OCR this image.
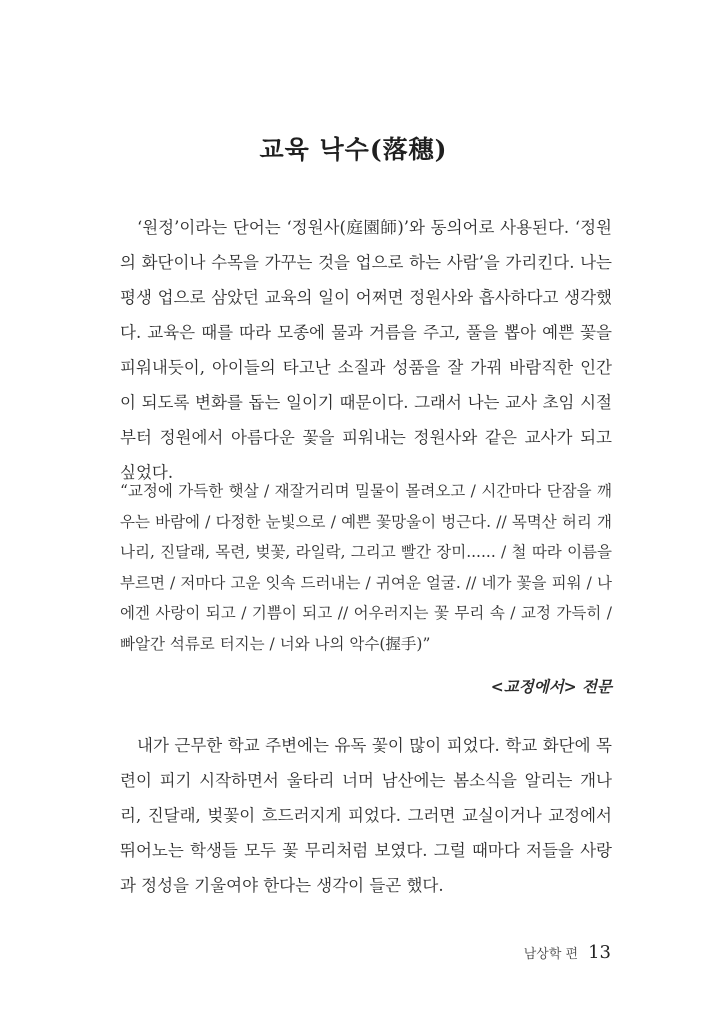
교육 낙수(落穗)

‘원정’이라는 단어는 ‘정원사(庭園師)’와 동의어로 사용된다. ‘정원의 화단이나 수목을 가꾸는 것을 업으로 하는 사람’을 가리킨다. 나는 평생 업으로 삼았던 교육의 일이 어쩌면 정원사와 흡사하다고 생각했다. 교육은 때를 따라 모종에 물과 거름을 주고, 풀을 뽑아 예쁜 꽃을 피워내듯이, 아이들의 타고난 소질과 성품을 잘 가꿔 바람직한 인간이 되도록 변화를 돕는 일이기 때문이다. 그래서 나는 교사 초임 시절부터 정원에서 아름다운 꽃을 피워내는 정원사와 같은 교사가 되고 싶었다.

“교정에 가득한 햇살 / 재잘거리며 밀물이 몰려오고 / 시간마다 단잠을 깨우는 바람에 / 다정한 눈빛으로 / 예쁜 꽃망울이 벙근다. // 목멱산 허리 개나리, 진달래, 목련, 벚꽃, 라일락, 그리고 빨간 장미...... / 철 따라 이름을 부르면 / 저마다 고운 잇속 드러내는 / 귀여운 얼굴. // 네가 꽃을 피워 / 나에겐 사랑이 되고 / 기쁨이 되고 // 어우러지는 꽃 무리 속 / 교정 가득히 / 빠알간 석류로 터지는 / 너와 나의 악수(握手)”

<교정에서> 전문

내가 근무한 학교 주변에는 유독 꽃이 많이 피었다. 학교 화단에 목련이 피기 시작하면서 울타리 너머 남산에는 봄소식을 알리는 개나리, 진달래, 벚꽃이 흐드러지게 피었다. 그러면 교실이거나 교정에서 뛰어노는 학생들 모두 꽃 무리처럼 보였다. 그럴 때마다 저들을 사랑과 정성을 기울여야 한다는 생각이 들곤 했다.

남상학 편 13
